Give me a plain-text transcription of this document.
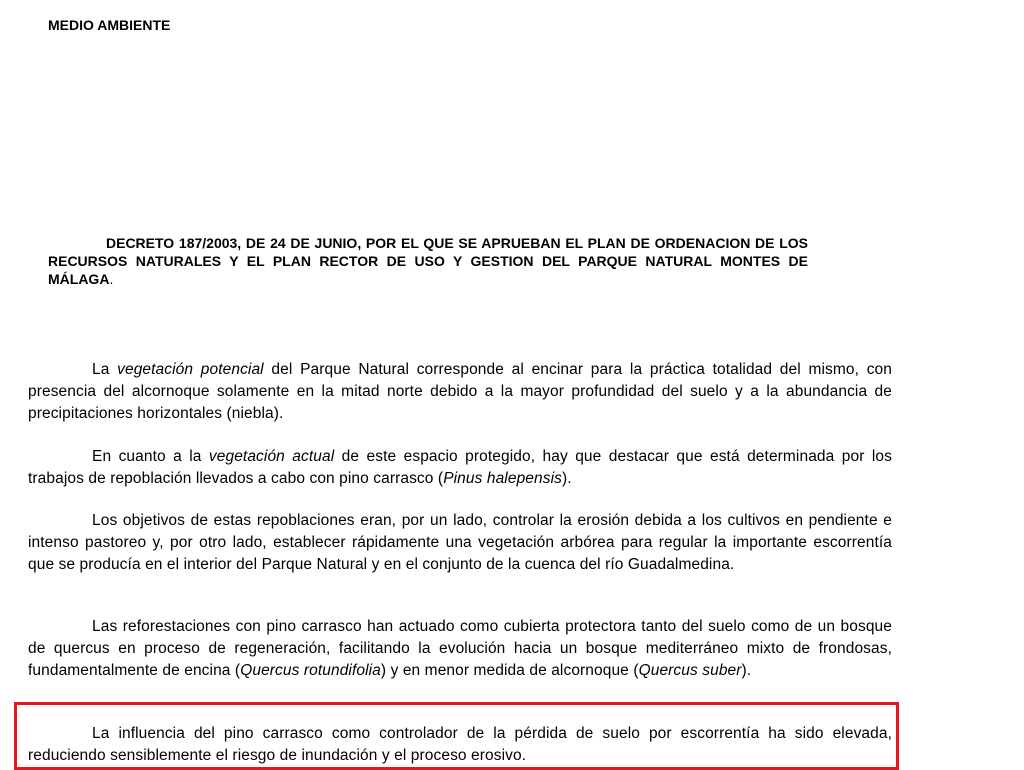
MEDIO AMBIENTE
DECRETO 187/2003, DE 24 DE JUNIO, POR EL QUE SE APRUEBAN EL PLAN DE ORDENACION DE LOS RECURSOS NATURALES Y EL PLAN RECTOR DE USO Y GESTION DEL PARQUE NATURAL MONTES DE MÁLAGA.

La vegetación potencial del Parque Natural corresponde al encinar para la práctica totalidad del mismo, con presencia del alcornoque solamente en la mitad norte debido a la mayor profundidad del suelo y a la abundancia de precipitaciones horizontales (niebla).

En cuanto a la vegetación actual de este espacio protegido, hay que destacar que está determinada por los trabajos de repoblación llevados a cabo con pino carrasco (Pinus halepensis).

Los objetivos de estas repoblaciones eran, por un lado, controlar la erosión debida a los cultivos en pendiente e intenso pastoreo y, por otro lado, establecer rápidamente una vegetación arbórea para regular la importante escorrentía que se producía en el interior del Parque Natural y en el conjunto de la cuenca del río Guadalmedina.

Las reforestaciones con pino carrasco han actuado como cubierta protectora tanto del suelo como de un bosque de quercus en proceso de regeneración, facilitando la evolución hacia un bosque mediterráneo mixto de frondosas, fundamentalmente de encina (Quercus rotundifolia) y en menor medida de alcornoque (Quercus suber).

La influencia del pino carrasco como controlador de la pérdida de suelo por escorrentía ha sido elevada, reduciendo sensiblemente el riesgo de inundación y el proceso erosivo.
